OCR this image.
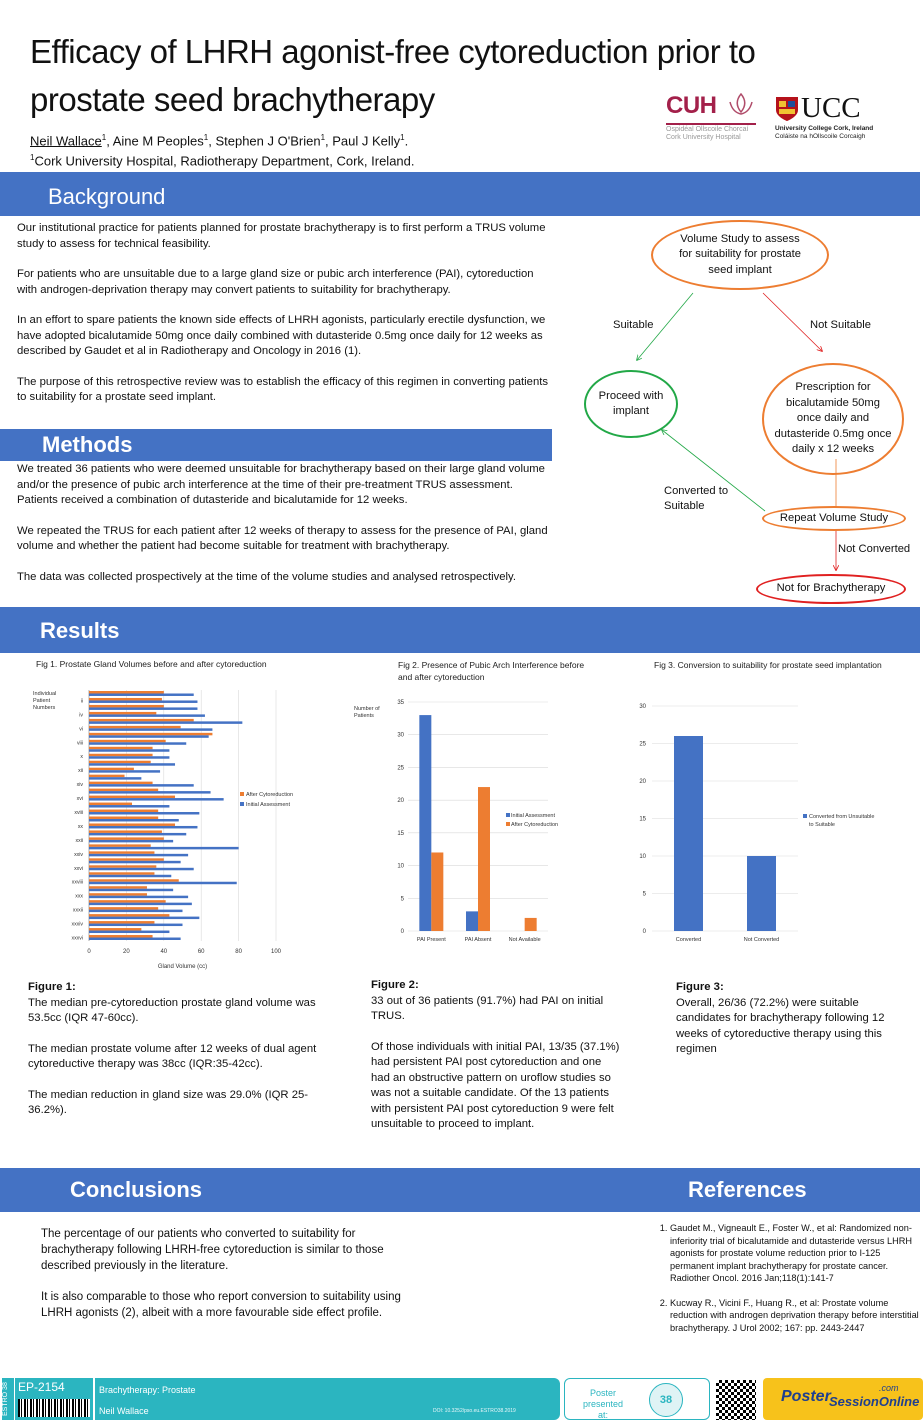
Efficacy of LHRH agonist-free cytoreduction prior to prostate seed brachytherapy
Neil Wallace$^1$, Aine M Peoples$^1$, Stephen J O'Brien$^1$, Paul J Kelly$^1$.
$^1$Cork University Hospital, Radiotherapy Department, Cork, Ireland.
CUH
Ospidéal Ollscoile Chorcaí
Cork University Hospital
UCC
University College Cork, Ireland
Coláiste na hOllscoile Corcaigh
Background

Our institutional practice for patients planned for prostate brachytherapy is to first perform a TRUS volume study to assess for technical feasibility.

For patients who are unsuitable due to a large gland size or pubic arch interference (PAI), cytoreduction with androgen-deprivation therapy may convert patients to suitability for brachytherapy.

In an effort to spare patients the known side effects of LHRH agonists, particularly erectile dysfunction, we have adopted bicalutamide 50mg once daily combined with dutasteride 0.5mg once daily for 12 weeks as described by Gaudet et al in Radiotherapy and Oncology in 2016 (1).

The purpose of this retrospective review was to establish the efficacy of this regimen in converting patients to suitability for a prostate seed implant.

Methods

We treated 36 patients who were deemed unsuitable for brachytherapy based on their large gland volume and/or the presence of pubic arch interference at the time of their pre-treatment TRUS assessment. Patients received a combination of dutasteride and bicalutamide for 12 weeks.

We repeated the TRUS for each patient after 12 weeks of therapy to assess for the presence of PAI, gland volume and whether the patient had become suitable for treatment with brachytherapy.

The data was collected prospectively at the time of the volume studies and analysed retrospectively.

Volume Study to assess for suitability for prostate seed implant
Suitable	Not Suitable
Proceed with implant
Prescription for bicalutamide 50mg once daily and dutasteride 0.5mg once daily x 12 weeks
Converted to Suitable
Repeat Volume Study
Not Converted
Not for Brachytherapy
Results
Fig 1. Prostate Gland Volumes before and after cytoreduction
0	20	40	60	80	100
ii
iv
vi
viii
x
xii
xiv
xvi
xviii
xx
xxii
xxiv
xxvi
xxviii
xxx
xxxii
xxxiv
xxxvi
Individual
Patient
Numbers
Gland Volume (cc)
After Cytoreduction
Initial Assessment
Fig 2. Presence of Pubic Arch Interference before and after cytoreduction
Number of
Patients
0
5
10
15
20
25
30
35
PAI Present	PAI Absent	Not Available
Initial Assessment
After Cytoreduction
Fig 3. Conversion to suitability for prostate seed implantation
0
5
10
15
20
25
30
Converted	Not Converted
Converted from Unsuitable
to Suitable
Figure 1:

The median pre-cytoreduction prostate gland volume was 53.5cc (IQR 47-60cc).

The median prostate volume after 12 weeks of dual agent cytoreductive therapy was 38cc (IQR:35-42cc).

The median reduction in gland size was 29.0% (IQR 25-36.2%).

Figure 2:

33 out of 36 patients (91.7%) had PAI on initial TRUS.

Of those individuals with initial PAI, 13/35 (37.1%) had persistent PAI post cytoreduction and one had an obstructive pattern on uroflow studies so was not a suitable candidate. Of the 13 patients with persistent PAI post cytoreduction 9 were felt unsuitable to proceed to implant.

Figure 3:

Overall, 26/36 (72.2%) were suitable candidates for brachytherapy following 12 weeks of cytoreductive therapy using this regimen

Conclusions	References

The percentage of our patients who converted to suitability for brachytherapy following LHRH-free cytoreduction is similar to those described previously in the literature.

It is also comparable to those who report conversion to suitability using LHRH agonists (2), albeit with a more favourable side effect profile.

1. Gaudet M., Vigneault E., Foster W., et al: Randomized non-inferiority trial of bicalutamide and dutasteride versus LHRH agonists for prostate volume reduction prior to I-125 permanent implant brachytherapy for prostate cancer. Radiother Oncol. 2016 Jan;118(1):141-7
2. Kucway R., Vicini F., Huang R., et al: Prostate volume reduction with androgen deprivation therapy before interstitial brachytherapy. J Urol 2002; 167: pp. 2443-2447
ESTRO 38 EP-2154	Brachytherapy: Prostate
Neil Wallace	DOI: 10.3252/pso.eu.ESTRO38.2019
Poster presented at:
38	Poster
SessionOnline
.com
